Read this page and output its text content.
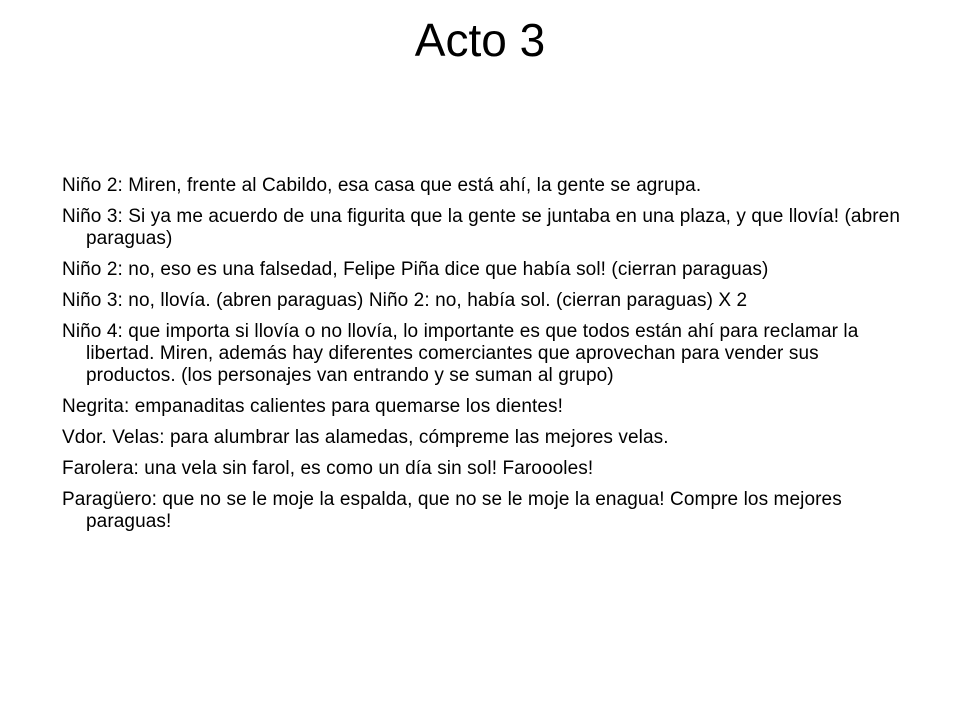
Acto 3
Niño 2: Miren, frente al Cabildo, esa casa que está ahí, la gente se agrupa.
Niño 3: Si ya me acuerdo de una figurita que la gente se juntaba en una plaza, y que llovía! (abren paraguas)
Niño 2: no, eso es una falsedad, Felipe Piña dice que había sol! (cierran paraguas)
Niño 3: no, llovía. (abren paraguas) Niño 2: no, había sol. (cierran paraguas) X 2
Niño 4: que importa si llovía o no llovía, lo importante es que todos están ahí para reclamar la libertad. Miren, además hay diferentes comerciantes que aprovechan para vender sus productos. (los personajes van entrando y se suman al grupo)
Negrita: empanaditas calientes para quemarse los dientes!
Vdor. Velas: para alumbrar las alamedas, cómpreme las mejores velas.
Farolera: una vela sin farol, es como un día sin sol! Faroooles!
Paragüero: que no se le moje la espalda, que no se le moje la enagua! Compre los mejores paraguas!
